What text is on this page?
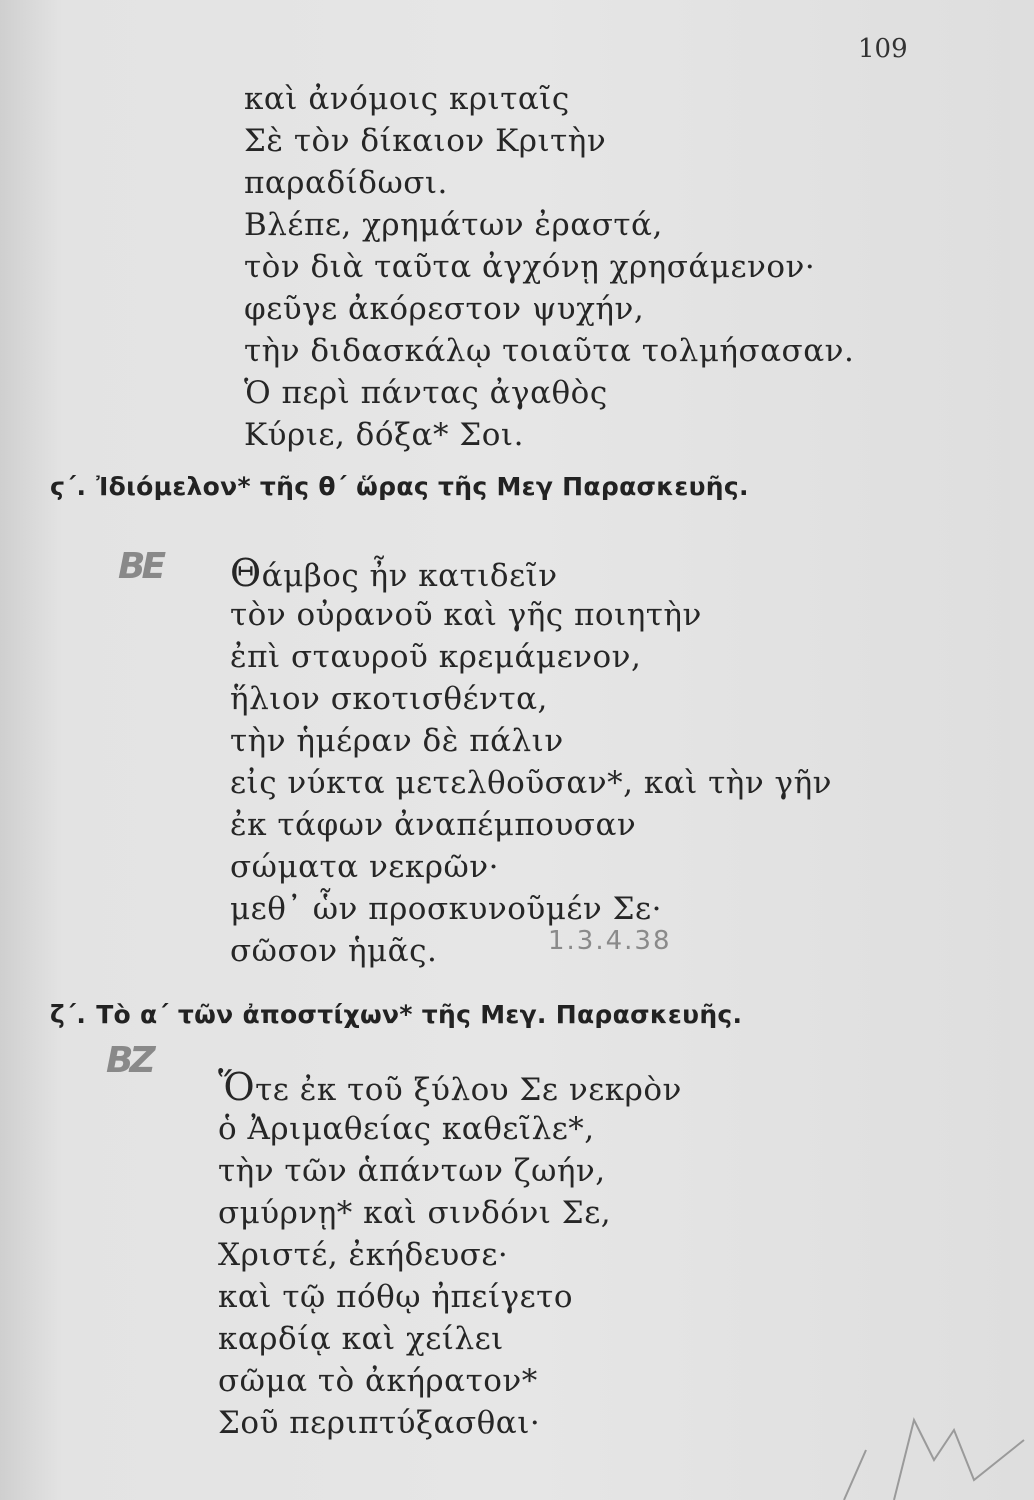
109
καὶ ἀνόμοις κριταῖς
Σὲ τὸν δίκαιον Κριτὴν
παραδίδωσι.
Βλέπε, χρημάτων ἐραστά,
τὸν διὰ ταῦτα ἀγχόνῃ χρησάμενον·
φεῦγε ἀκόρεστον ψυχήν,
τὴν διδασκάλῳ τοιαῦτα τολμήσασαν.
Ὁ περὶ πάντας ἀγαθὸς
Κύριε, δόξα* Σοι.
ϛ΄. Ἰδιόμελον* τῆς θ΄ ὥρας τῆς Μεγ Παρασκευῆς.
ΒΕ Θάμβος ἦν κατιδεῖν
τὸν οὐρανοῦ καὶ γῆς ποιητὴν
ἐπὶ σταυροῦ κρεμάμενον,
ἥλιον σκοτισθέντα,
τὴν ἡμέραν δὲ πάλιν
εἰς νύκτα μετελθοῦσαν*, καὶ τὴν γῆν
ἐκ τάφων ἀναπέμπουσαν
σώματα νεκρῶν·
μεθ᾽ ὧν προσκυνοῦμέν Σε·
σῶσον ἡμᾶς.	1.3.4.38
ζ΄. Τὸ α΄ τῶν ἀποστίχων* τῆς Μεγ. Παρασκευῆς.
ΒΖ
Ὅτε ἐκ τοῦ ξύλου Σε νεκρὸν
ὁ Ἀριμαθείας καθεῖλε*,
τὴν τῶν ἁπάντων ζωήν,
σμύρνῃ* καὶ σινδόνι Σε,
Χριστέ, ἐκήδευσε·
καὶ τῷ πόθῳ ἠπείγετο
καρδίᾳ καὶ χείλει
σῶμα τὸ ἀκήρατον*
Σοῦ περιπτύξασθαι·
